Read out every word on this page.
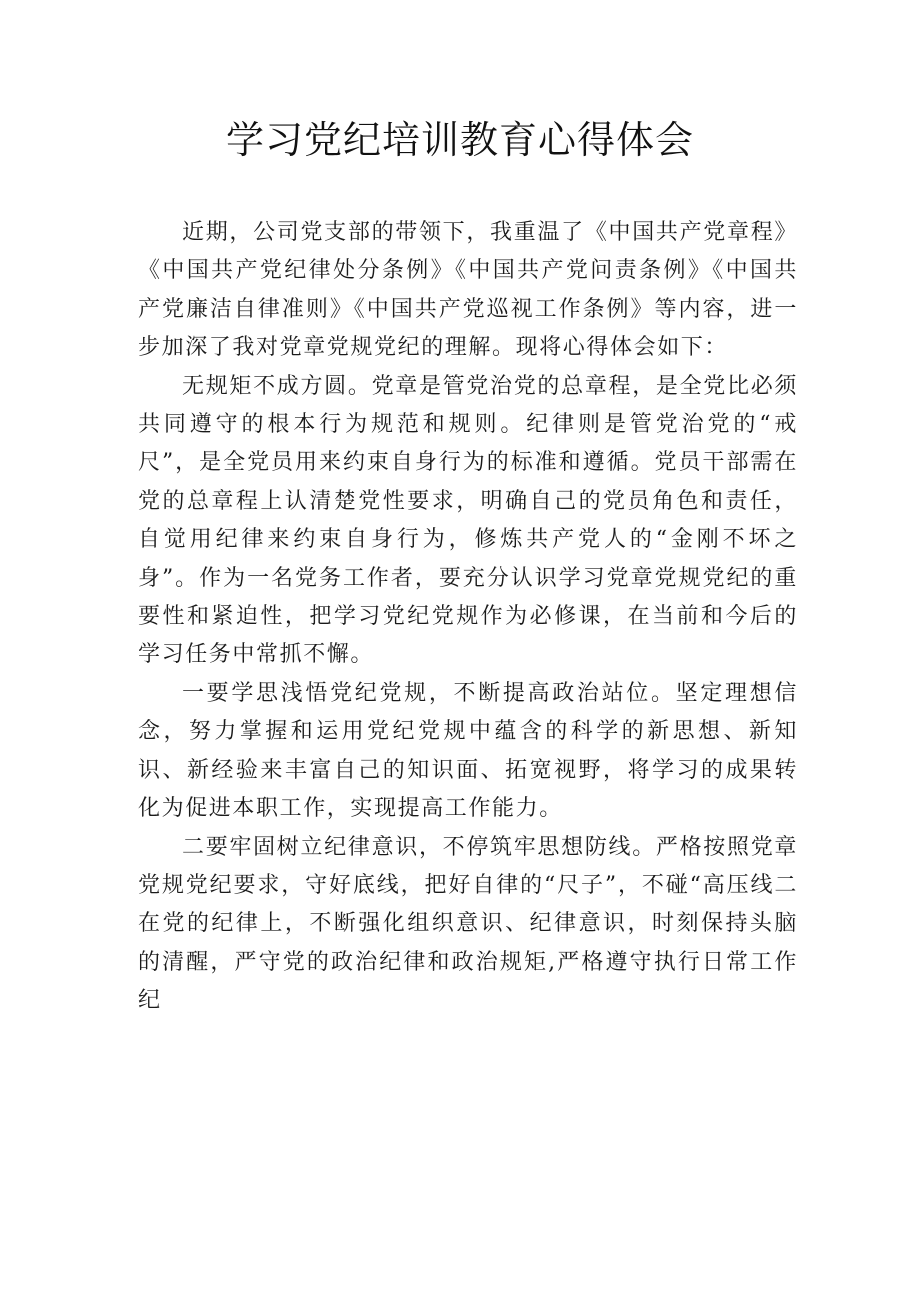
学习党纪培训教育心得体会

近期，公司党支部的带领下，我重温了《中国共产党章程》《中国共产党纪律处分条例》《中国共产党问责条例》《中国共产党廉洁自律准则》《中国共产党巡视工作条例》等内容，进一步加深了我对党章党规党纪的理解。现将心得体会如下：

无规矩不成方圆。党章是管党治党的总章程，是全党比必须共同遵守的根本行为规范和规则。纪律则是管党治党的“戒尺”，是全党员用来约束自身行为的标准和遵循。党员干部需在党的总章程上认清楚党性要求，明确自己的党员角色和责任，自觉用纪律来约束自身行为，修炼共产党人的“金刚不坏之身”。作为一名党务工作者，要充分认识学习党章党规党纪的重要性和紧迫性，把学习党纪党规作为必修课，在当前和今后的学习任务中常抓不懈。

一要学思浅悟党纪党规，不断提高政治站位。坚定理想信念，努力掌握和运用党纪党规中蕴含的科学的新思想、新知识、新经验来丰富自己的知识面、拓宽视野，将学习的成果转化为促进本职工作，实现提高工作能力。

二要牢固树立纪律意识，不停筑牢思想防线。严格按照党章党规党纪要求，守好底线，把好自律的“尺子”，不碰“高压线二在党的纪律上，不断强化组织意识、纪律意识，时刻保持头脑的清醒，严守党的政治纪律和政治规矩,严格遵守执行日常工作纪
